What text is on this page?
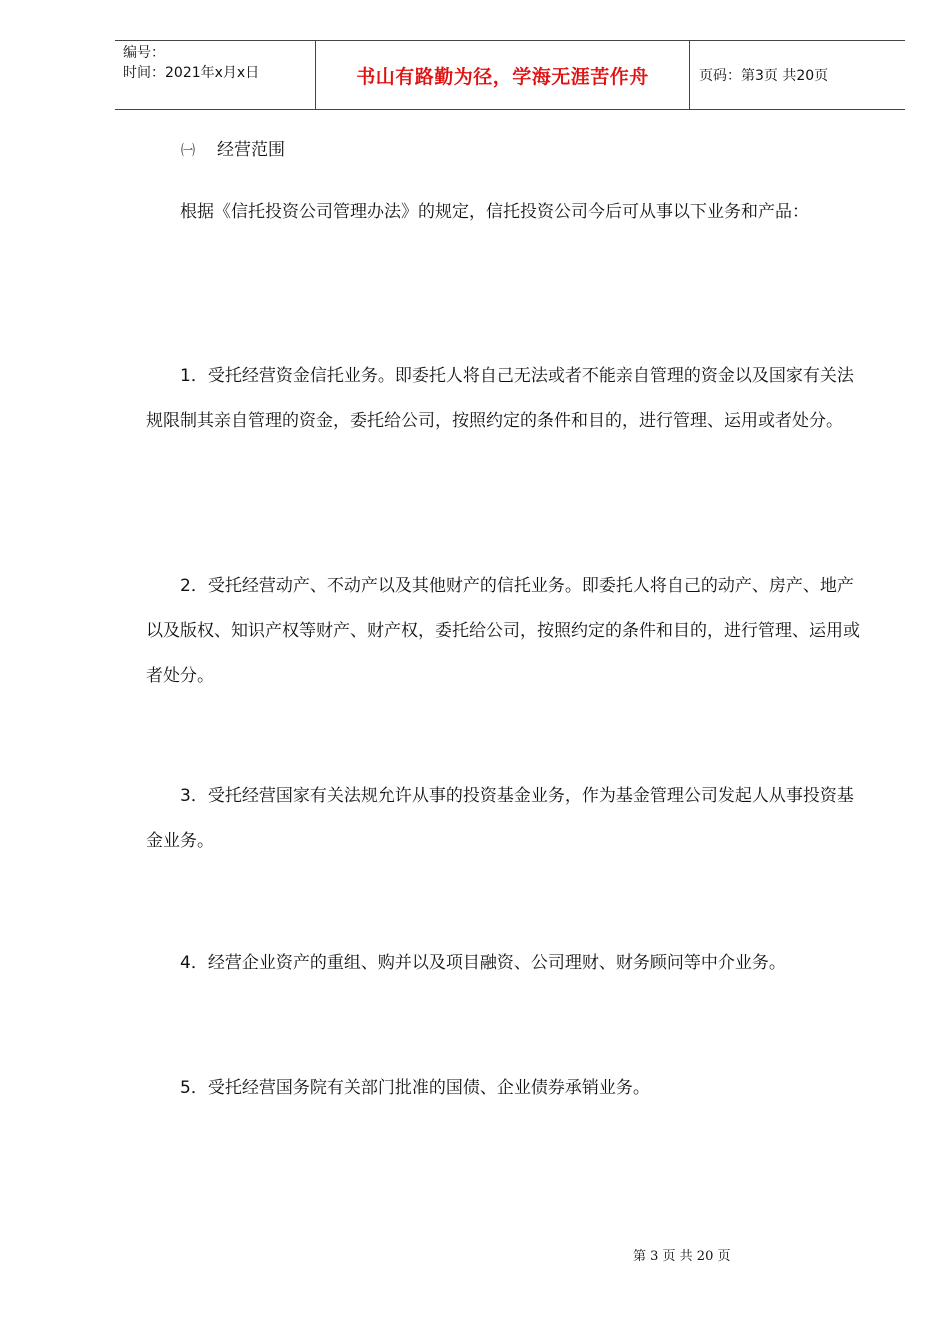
编号：
时间：2021年x月x日	书山有路勤为径，学海无涯苦作舟	页码：第3页 共20页
㈠ 经营范围

根据《信托投资公司管理办法》的规定，信托投资公司今后可从事以下业务和产品：

1．受托经营资金信托业务。即委托人将自己无法或者不能亲自管理的资金以及国家有关法规限制其亲自管理的资金，委托给公司，按照约定的条件和目的，进行管理、运用或者处分。

2．受托经营动产、不动产以及其他财产的信托业务。即委托人将自己的动产、房产、地产以及版权、知识产权等财产、财产权，委托给公司，按照约定的条件和目的，进行管理、运用或者处分。

3．受托经营国家有关法规允许从事的投资基金业务，作为基金管理公司发起人从事投资基金业务。

4．经营企业资产的重组、购并以及项目融资、公司理财、财务顾问等中介业务。

5．受托经营国务院有关部门批准的国债、企业债券承销业务。

第 3 页 共 20 页
